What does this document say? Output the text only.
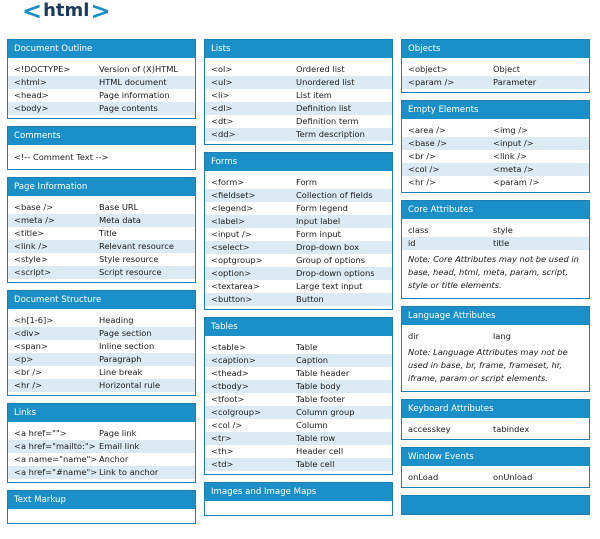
< html >
Document Outline
<!DOCTYPE>	Version of (X)HTML
<html>	HTML document
<head>	Page information
<body>	Page contents
Comments
<!-- Comment Text -->
Page Information
<base />	Base URL
<meta />	Meta data
<title>	Title
<link />	Relevant resource
<style>	Style resource
<script>	Script resource
Document Structure
<h[1-6]>	Heading
<div>	Page section
<span>	Inline section
<p>	Paragraph
<br />	Line break
<hr />	Horizontal rule
Links
<a href="">	Page link
<a href="mailto:"> Email link
<a name="name"> Anchor
<a href="#name"> Link to anchor
Text Markup
Lists
<ol>	Ordered list
<ul>	Unordered list
<li>	List item
<dl>	Definition list
<dt>	Definition term
<dd>	Term description
Forms
<form>	Form
<fieldset>	Collection of fields
<legend>	Form legend
<label>	Input label
<input />	Form input
<select>	Drop-down box
<optgroup>	Group of options
<option>	Drop-down options
<textarea>	Large text input
<button>	Button
Tables
<table>	Table
<caption>	Caption
<thead>	Table header
<tbody>	Table body
<tfoot>	Table footer
<colgroup>	Column group
<col />	Column
<tr>	Table row
<th>	Header cell
<td>	Table cell
Images and Image Maps
Objects
<object>	Object
<param />	Parameter
Empty Elements
<area />	<img />
<base />	<input />
<br />	<link />
<col />	<meta />
<hr />	<param />
Core Attributes
class	style
id	title
Note: Core Attributes may not be used in base, head, html, meta, param, script, style or title elements.
Language Attributes
dir	lang
Note: Language Attributes may not be used in base, br, frame, frameset, hr, iframe, param or script elements.
Keyboard Attributes
accesskey	tabindex
Window Events
onLoad	onUnload
